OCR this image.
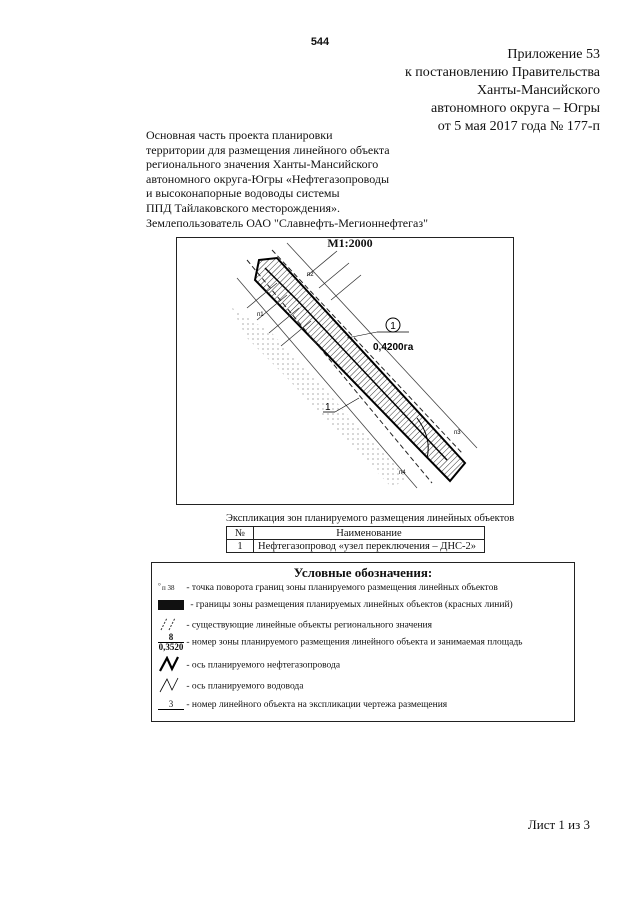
544
Приложение 53
к постановлению Правительства
Ханты-Мансийского
автономного округа – Югры
от 5 мая 2017 года № 177-п
Основная часть проекта планировки
территории для размещения линейного объекта
регионального значения Ханты-Мансийского
автономного округа-Югры «Нефтегазопроводы
и высоконапорные водоводы системы
ППД Тайлаковского месторождения».
Землепользователь ОАО "Славнефть-Мегионнефтегаз"
1
0,4200га
1
п1
п2
п3
п4
М1:2000
Экспликация зон планируемого размещения линейных объектов
№	Наименование
1	Нефтегазопровод «узел переключения – ДНС-2»
Условные обозначения:
° п 38 - точка поворота границ зоны планируемого размещения линейных объектов
- границы зоны размещения планируемых линейных объектов (красных линий)
- существующие линейные объекты регионального значения
$\frac{8}{0,3520}$ - номер зоны планируемого размещения линейного объекта и занимаемая площадь
- ось планируемого нефтегазопровода
- ось планируемого водовода
3 - номер линейного объекта на экспликации чертежа размещения
Лист 1 из 3
